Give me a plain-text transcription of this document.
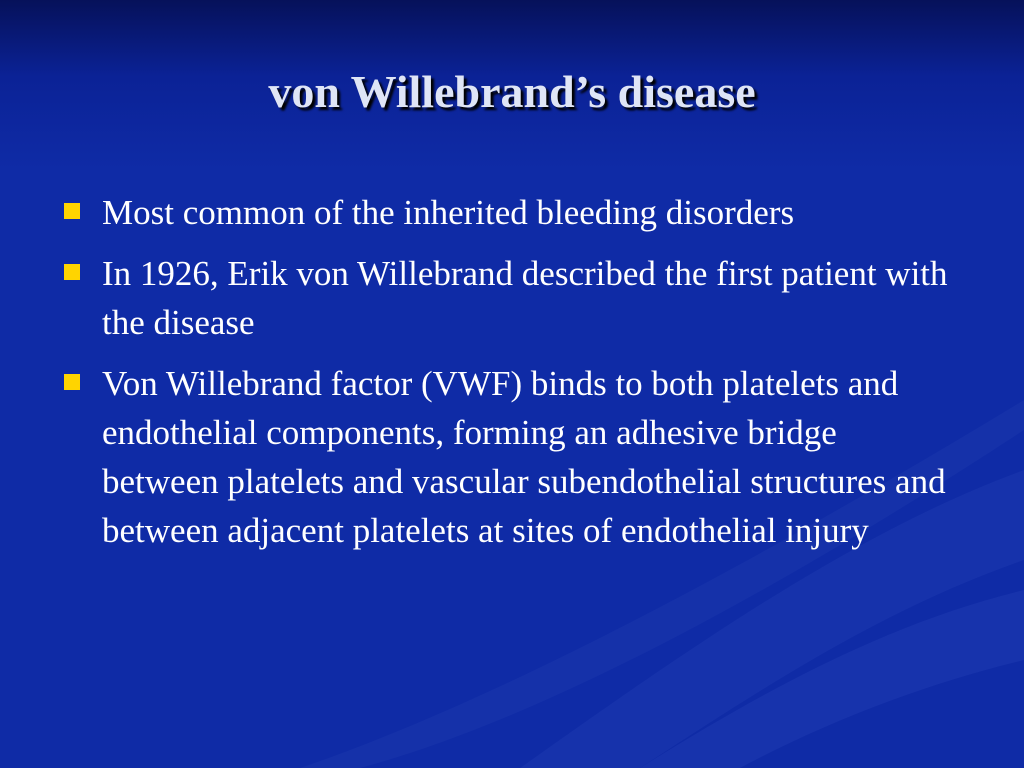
von Willebrand’s disease
Most common of the inherited bleeding disorders
In 1926, Erik von Willebrand described the first patient with the disease
Von Willebrand factor (VWF) binds to both platelets and endothelial components, forming an adhesive bridge between platelets and vascular subendothelial structures and between adjacent platelets at sites of endothelial injury
